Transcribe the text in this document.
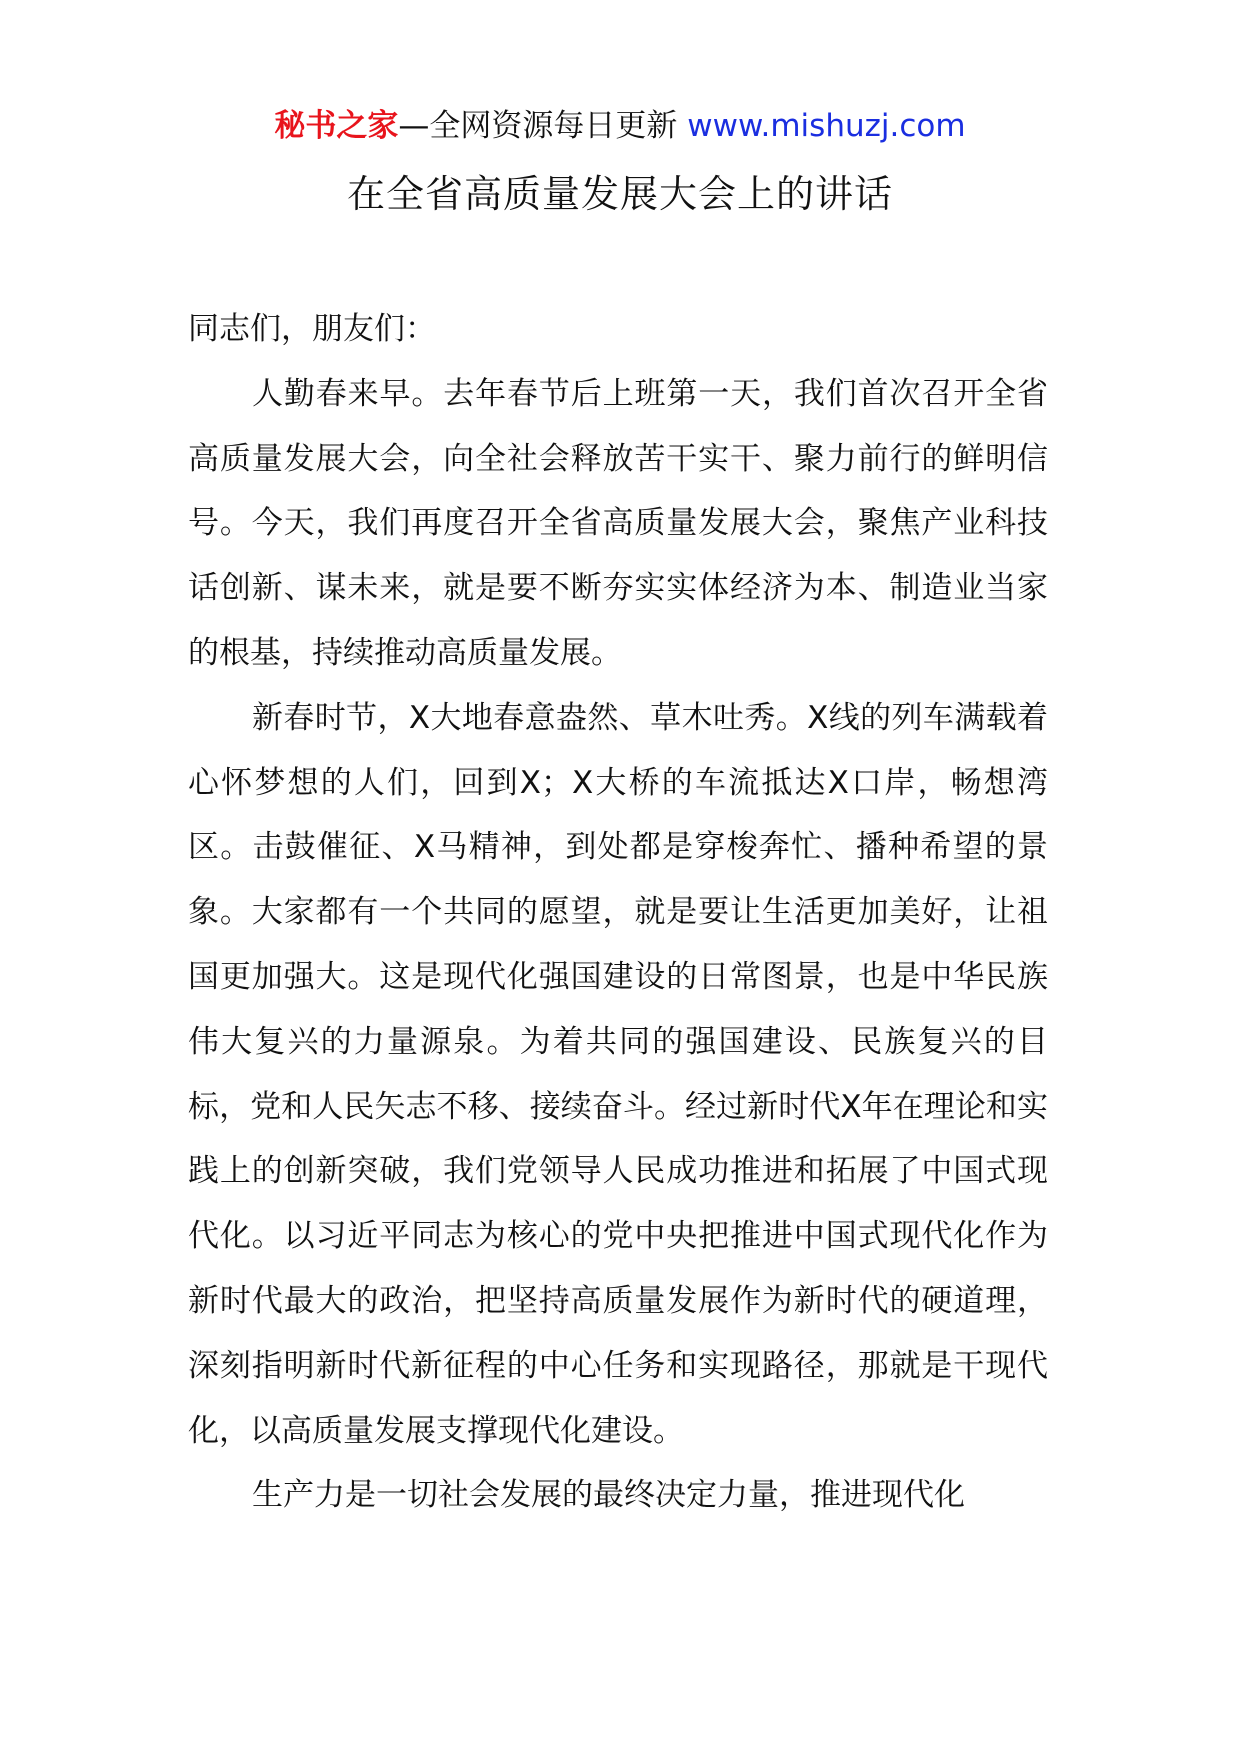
秘书之家—全网资源每日更新 www.mishuzj.com
在全省高质量发展大会上的讲话

同志们，朋友们：

人勤春来早。去年春节后上班第一天，我们首次召开全省高质量发展大会，向全社会释放苦干实干、聚力前行的鲜明信号。今天，我们再度召开全省高质量发展大会，聚焦产业科技话创新、谋未来，就是要不断夯实实体经济为本、制造业当家的根基，持续推动高质量发展。

新春时节，X大地春意盎然、草木吐秀。X线的列车满载着心怀梦想的人们，回到X；X大桥的车流抵达X口岸，畅想湾区。击鼓催征、X马精神，到处都是穿梭奔忙、播种希望的景象。大家都有一个共同的愿望，就是要让生活更加美好，让祖国更加强大。这是现代化强国建设的日常图景，也是中华民族伟大复兴的力量源泉。为着共同的强国建设、民族复兴的目标，党和人民矢志不移、接续奋斗。经过新时代X年在理论和实践上的创新突破，我们党领导人民成功推进和拓展了中国式现代化。以习近平同志为核心的党中央把推进中国式现代化作为新时代最大的政治，把坚持高质量发展作为新时代的硬道理，深刻指明新时代新征程的中心任务和实现路径，那就是干现代化，以高质量发展支撑现代化建设。

生产力是一切社会发展的最终决定力量，推进现代化
